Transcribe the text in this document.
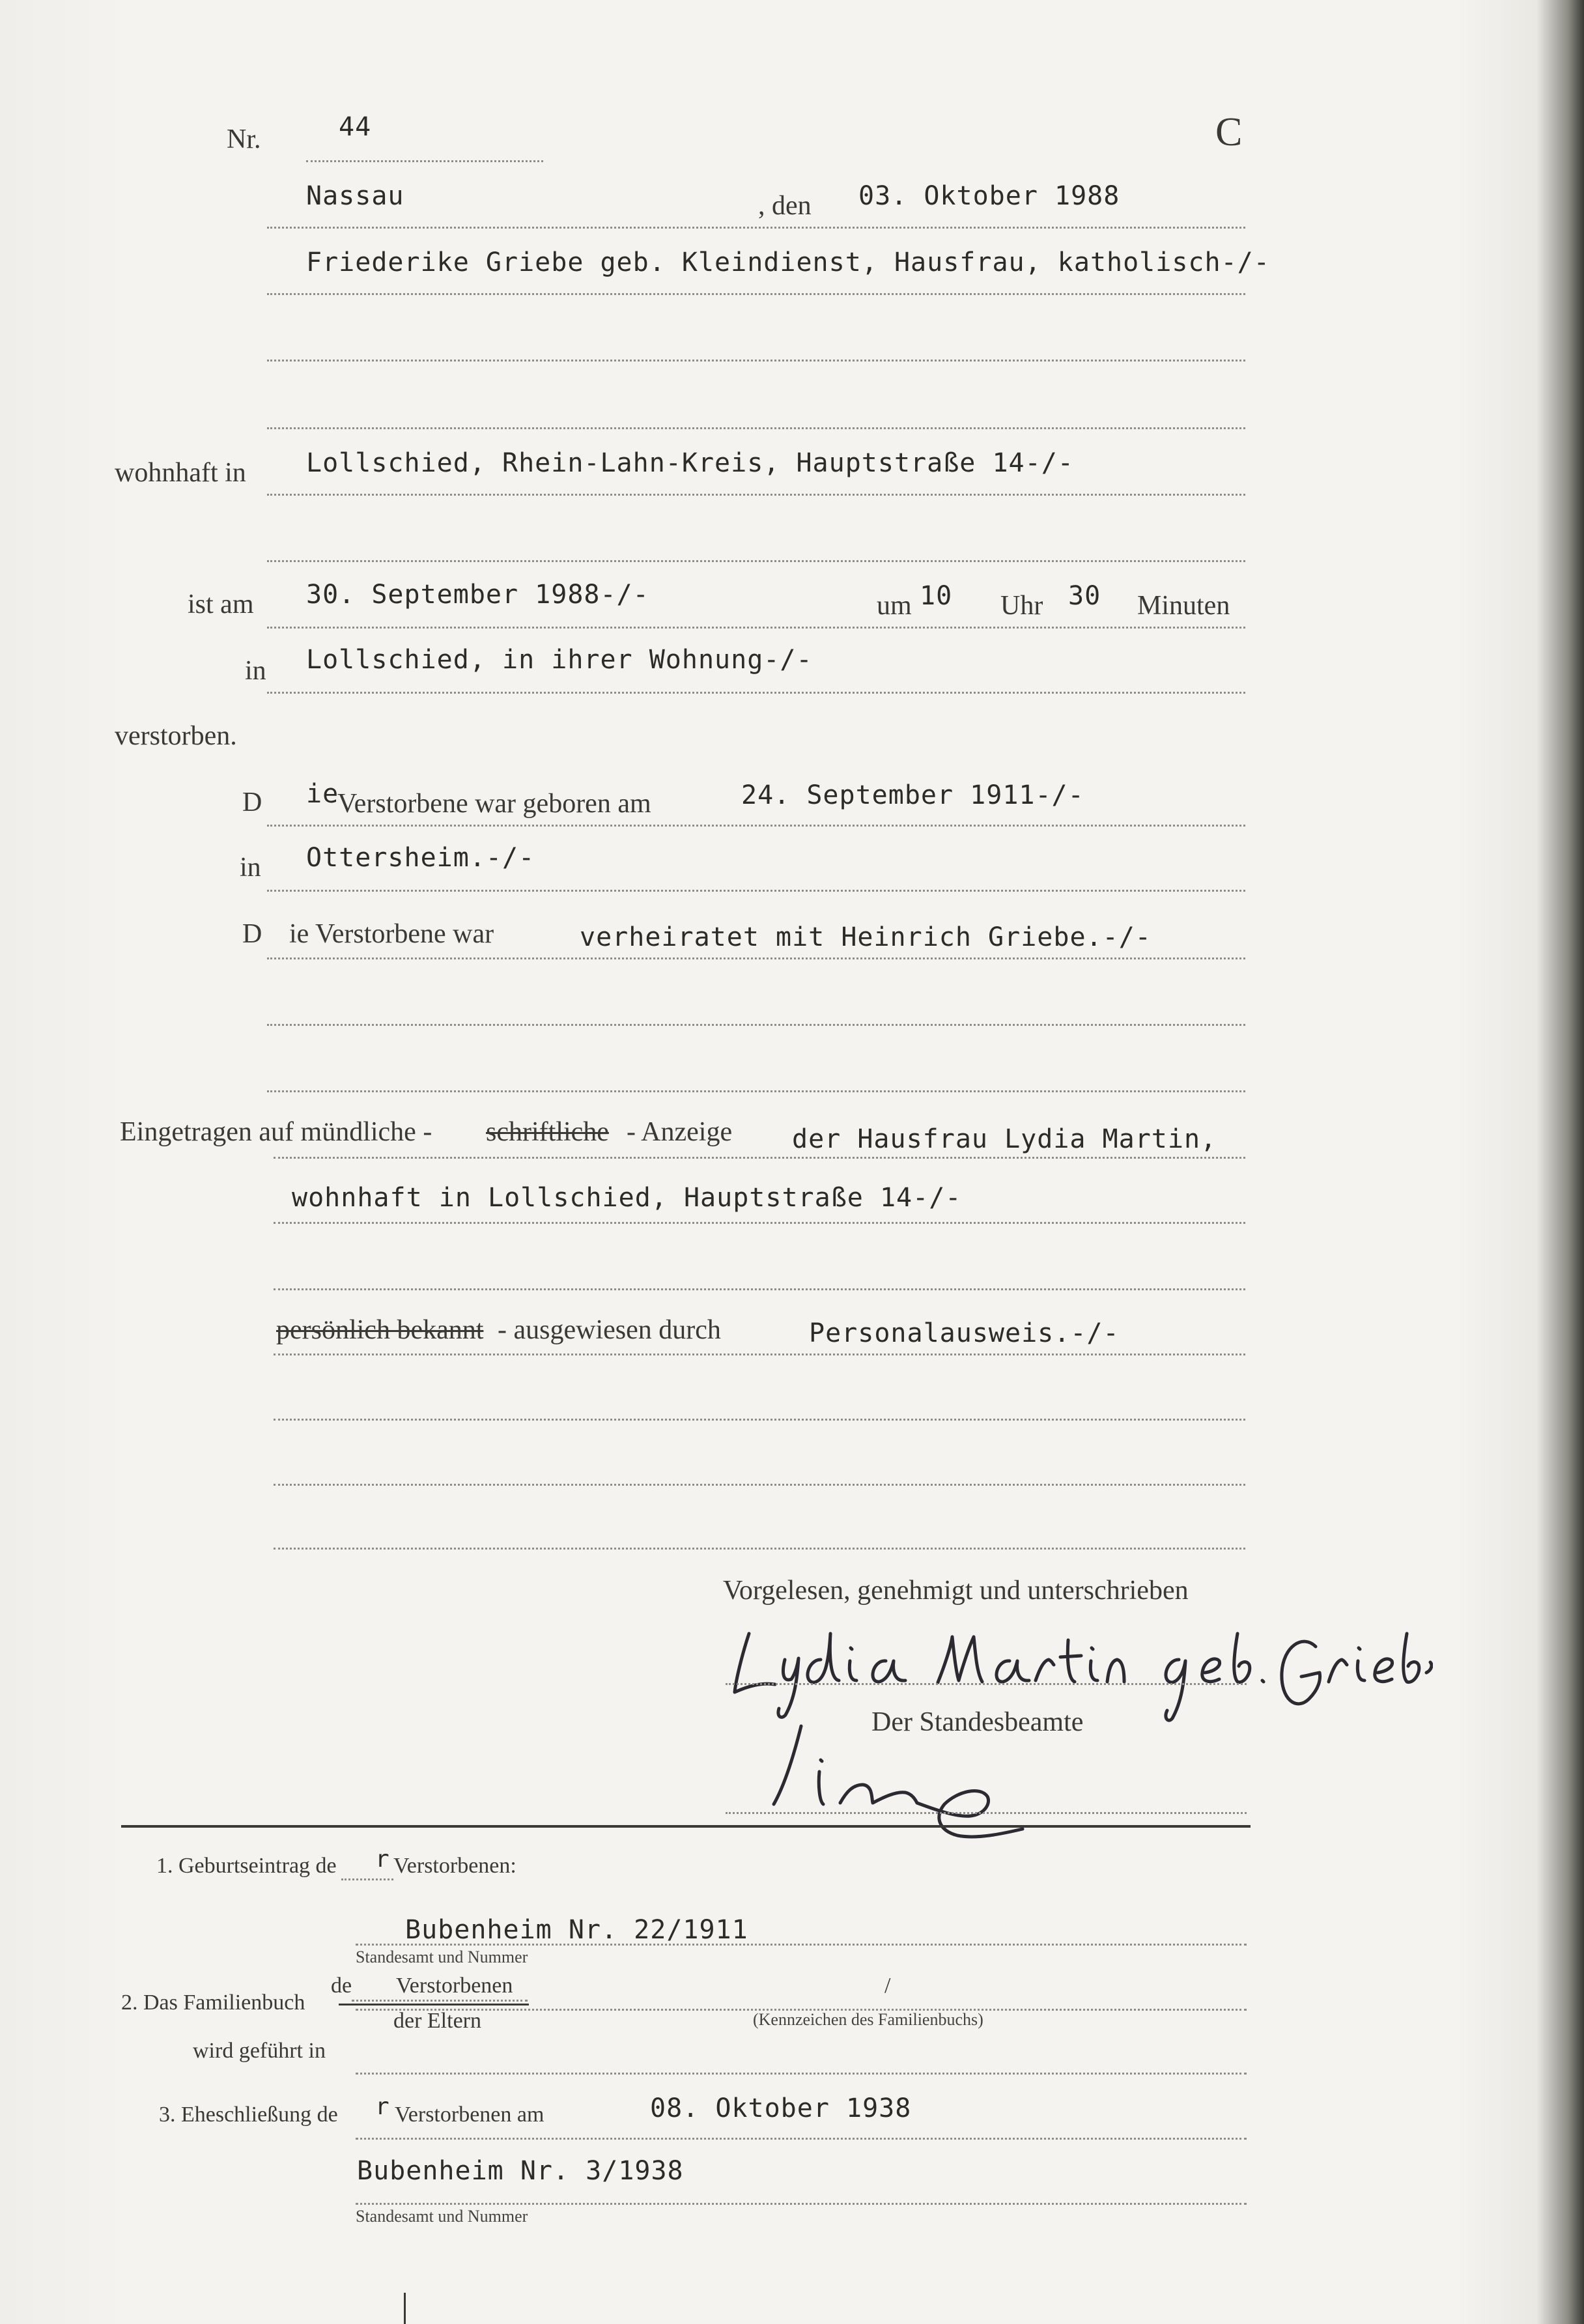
Nr.	44	C
Nassau	, den 03. Oktober 1988
Friederike Griebe geb. Kleindienst, Hausfrau, katholisch-/-
wohnhaft in Lollschied, Rhein-Lahn-Kreis, Hauptstraße 14-/-
ist am 30. September 1988-/-	um 10 Uhr 30 Minuten
in Lollschied, in ihrer Wohnung-/-
verstorben.
D ie
Verstorbene war geboren am	24. September 1911-/-
in Ottersheim.-/-
D ie Verstorbene war	verheiratet mit Heinrich Griebe.-/-
Eingetragen auf mündliche - schriftliche - Anzeige der Hausfrau Lydia Martin,
wohnhaft in Lollschied, Hauptstraße 14-/-
persönlich bekannt - ausgewiesen durch	Personalausweis.-/-
Vorgelesen, genehmigt und unterschrieben
Der Standesbeamte
1. Geburtseintrag de r Verstorbenen:
Bubenheim Nr. 22/1911
Standesamt und Nummer
2. Das Familienbuch
de Verstorbenen	/
der Eltern	(Kennzeichen des Familienbuchs)
wird geführt in
3. Eheschließung de r Verstorbenen am	08. Oktober 1938
Bubenheim Nr. 3/1938
Standesamt und Nummer
